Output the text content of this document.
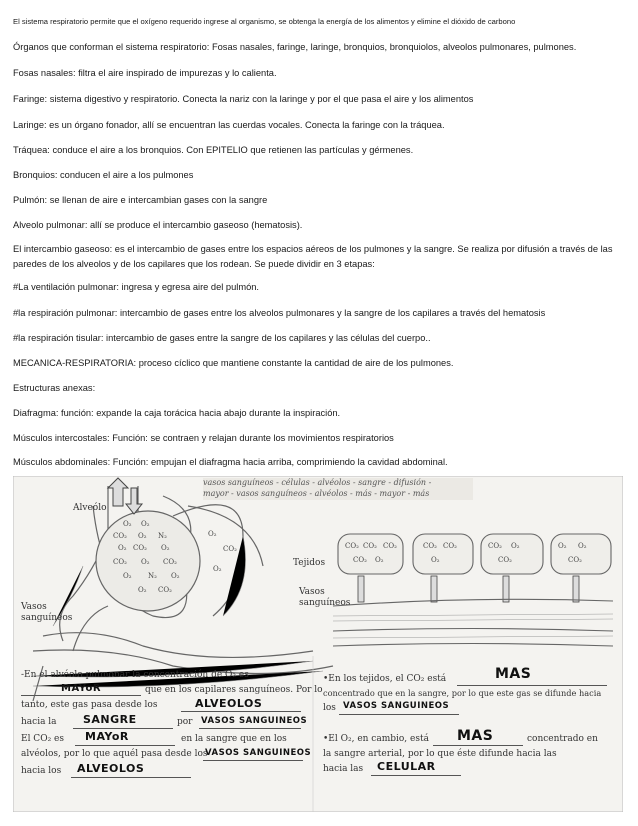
El sistema respiratorio permite que el oxígeno requerido ingrese al organismo, se obtenga la energía de los alimentos y elimine el dióxido de carbono
Órganos que conforman el sistema respiratorio: Fosas nasales, faringe, laringe, bronquios, bronquiolos, alveolos pulmonares, pulmones.
Fosas nasales: filtra el aire inspirado de impurezas y lo calienta.
Faringe: sistema digestivo y respiratorio. Conecta la nariz con la laringe y por el que pasa el aire y los alimentos
Laringe: es un órgano fonador, allí se encuentran las cuerdas vocales. Conecta la faringe con la tráquea.
Tráquea: conduce el aire a los bronquios. Con EPITELIO que retienen las partículas y gérmenes.
Bronquios: conducen el aire a los pulmones
Pulmón: se llenan de aire e intercambian gases con la sangre
Alveolo pulmonar: allí se produce el intercambio gaseoso (hematosis).
El intercambio gaseoso: es el intercambio de gases entre los espacios aéreos de los pulmones y la sangre. Se realiza por difusión a través de las paredes de los alveolos y de los capilares que los rodean. Se puede dividir en 3 etapas:
#La ventilación pulmonar: ingresa y egresa aire del pulmón.
#la respiración pulmonar: intercambio de gases entre los alveolos pulmonares y la sangre de los capilares a través del hematosis
#la respiración tisular: intercambio de gases entre la sangre de los capilares y las células del cuerpo..
MECANICA-RESPIRATORIA: proceso cíclico que mantiene constante la cantidad de aire de los pulmones.
Estructuras anexas:
Diafragma: función: expande la caja torácica hacia abajo durante la inspiración.
Músculos intercostales: Función: se contraen y relajan durante los movimientos respiratorios
Músculos abdominales: Función: empujan el diafragma hacia arriba, comprimiendo la cavidad abdominal.
O₂ O₂
CO₂ O₂ N₂
O₂ CO₂ O₂
CO₂ O₂ CO₂
O₂ N₂ O₂
O₂ CO₂
O₂
CO₂
O₂
CO₂ CO₂ CO₂
CO₂ O₂
CO₂ CO₂
O₂
CO₂ O₂
CO₂
O₂ O₂
CO₂
vasos sanguíneos - células - alvéolos - sangre - difusión -
mayor - vasos sanguíneos - alvéolos - más - mayor - más
Alveólo
Tejidos
Vasos
sanguíneos
Vasos
sanguíneos
-En el alvéolo pulmonar la concentración de O₂ es
MAYoR	que en los capilares sanguíneos. Por lo
tanto, este gas pasa desde los	ALVEOLOS
hacia la SANGRE	por VASOS SANGUINEOS
El CO₂ es MAYoR	en la sangre que en los
alvéolos, por lo que aquél pasa desde los
VASOS SANGUINEOS
hacia los ALVEOLOS
•En los tejidos, el CO₂ está	MAS
concentrado que en la sangre, por lo que este gas se difunde hacia
los VASOS SANGUINEOS
•El O₂, en cambio, está MAS	concentrado en
la sangre arterial, por lo que éste difunde hacia las
hacia las CELULAR
